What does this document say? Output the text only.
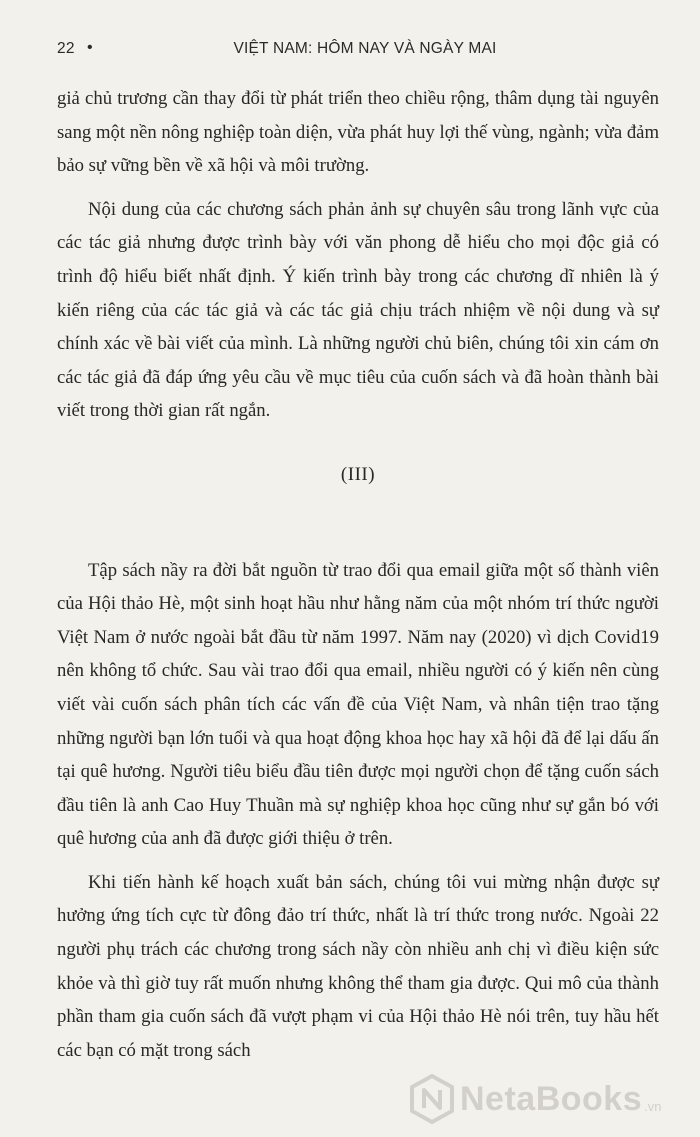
22 •	VIỆT NAM: HÔM NAY VÀ NGÀY MAI

giả chủ trương cần thay đổi từ phát triển theo chiều rộng, thâm dụng tài nguyên sang một nền nông nghiệp toàn diện, vừa phát huy lợi thế vùng, ngành; vừa đảm bảo sự vững bền về xã hội và môi trường.

Nội dung của các chương sách phản ảnh sự chuyên sâu trong lãnh vực của các tác giả nhưng được trình bày với văn phong dễ hiểu cho mọi độc giả có trình độ hiểu biết nhất định. Ý kiến trình bày trong các chương dĩ nhiên là ý kiến riêng của các tác giả và các tác giả chịu trách nhiệm về nội dung và sự chính xác về bài viết của mình. Là những người chủ biên, chúng tôi xin cám ơn các tác giả đã đáp ứng yêu cầu về mục tiêu của cuốn sách và đã hoàn thành bài viết trong thời gian rất ngắn.

(III)

Tập sách nầy ra đời bắt nguồn từ trao đổi qua email giữa một số thành viên của Hội thảo Hè, một sinh hoạt hầu như hằng năm của một nhóm trí thức người Việt Nam ở nước ngoài bắt đầu từ năm 1997. Năm nay (2020) vì dịch Covid19 nên không tổ chức. Sau vài trao đổi qua email, nhiều người có ý kiến nên cùng viết vài cuốn sách phân tích các vấn đề của Việt Nam, và nhân tiện trao tặng những người bạn lớn tuổi và qua hoạt động khoa học hay xã hội đã để lại dấu ấn tại quê hương. Người tiêu biểu đầu tiên được mọi người chọn để tặng cuốn sách đầu tiên là anh Cao Huy Thuần mà sự nghiệp khoa học cũng như sự gắn bó với quê hương của anh đã được giới thiệu ở trên.

Khi tiến hành kế hoạch xuất bản sách, chúng tôi vui mừng nhận được sự hưởng ứng tích cực từ đông đảo trí thức, nhất là trí thức trong nước. Ngoài 22 người phụ trách các chương trong sách nầy còn nhiều anh chị vì điều kiện sức khỏe và thì giờ tuy rất muốn nhưng không thể tham gia được. Qui mô của thành phần tham gia cuốn sách đã vượt phạm vi của Hội thảo Hè nói trên, tuy hầu hết các bạn có mặt trong sách

NetaBooks .vn
